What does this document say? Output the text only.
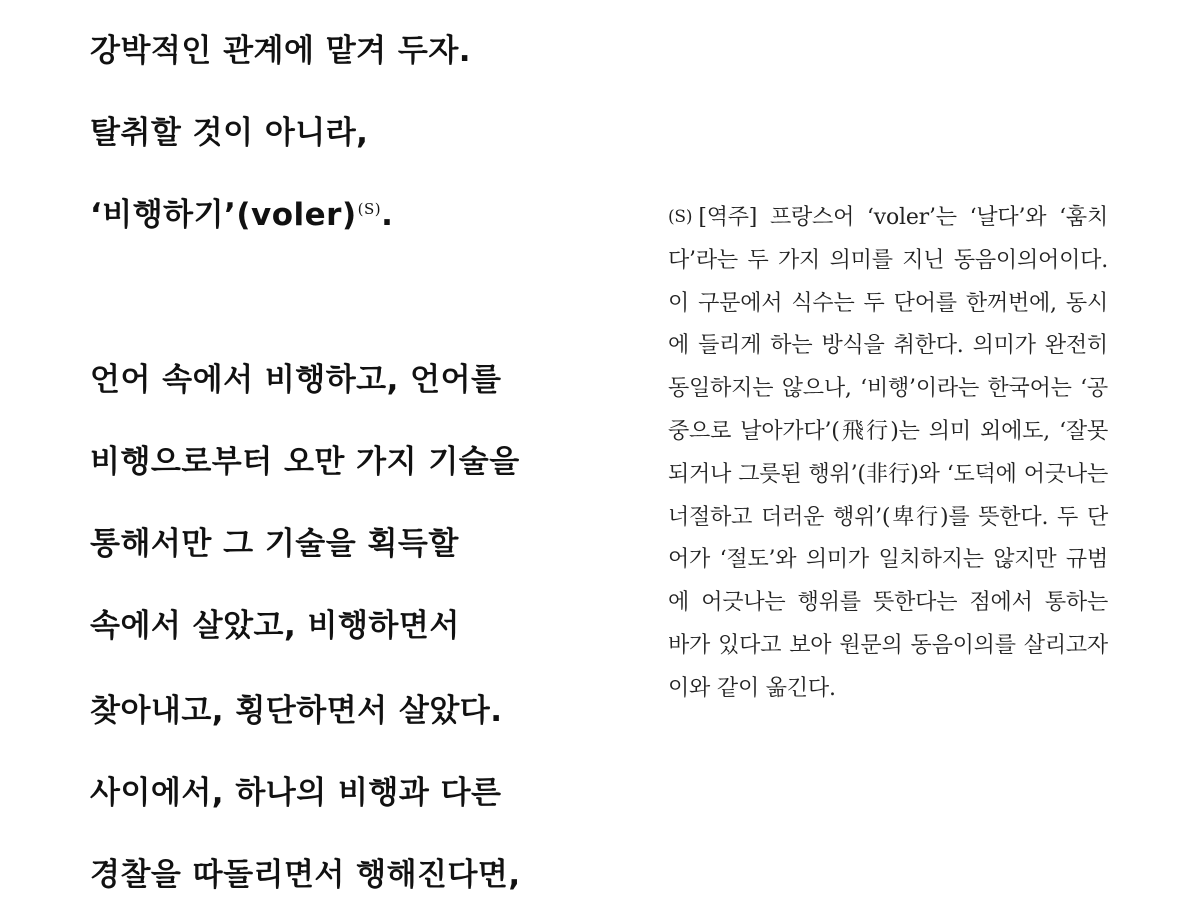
강박적인 관계에 맡겨 두자.
탈취할 것이 아니라,
‘비행하기’(voler)(S).
언어 속에서 비행하고, 언어를
비행으로부터 오만 가지 기술을
통해서만 그 기술을 획득할
속에서 살았고, 비행하면서
찾아내고, 횡단하면서 살았다.
사이에서, 하나의 비행과 다른
경찰을 따돌리면서 행해진다면,
(S) [역주] 프랑스어 ‘voler’는 ‘날다’와 ‘훔치다’라는 두 가지 의미를 지닌 동음이의어이다. 이 구문에서 식수는 두 단어를 한꺼번에, 동시에 들리게 하는 방식을 취한다. 의미가 완전히 동일하지는 않으나, ‘비행’이라는 한국어는 ‘공중으로 날아가다’(飛行)는 의미 외에도, ‘잘못되거나 그릇된 행위’(非行)와 ‘도덕에 어긋나는 너절하고 더러운 행위’(卑行)를 뜻한다. 두 단어가 ‘절도’와 의미가 일치하지는 않지만 규범에 어긋나는 행위를 뜻한다는 점에서 통하는 바가 있다고 보아 원문의 동음이의를 살리고자 이와 같이 옮긴다.
